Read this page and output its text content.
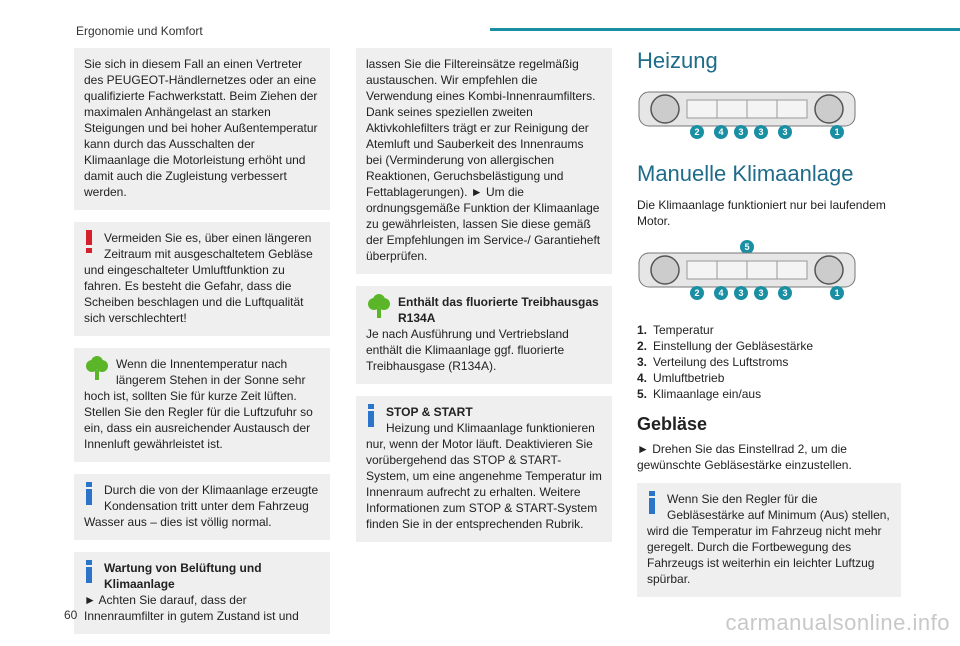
Ergonomie und Komfort

Sie sich in diesem Fall an einen Vertreter des PEUGEOT-Händlernetzes oder an eine qualifizierte Fachwerkstatt. Beim Ziehen der maximalen Anhängelast an starken Steigungen und bei hoher Außentemperatur kann durch das Ausschalten der Klimaanlage die Motorleistung erhöht und damit auch die Zugleistung verbessert werden.

Vermeiden Sie es, über einen längeren Zeitraum mit ausgeschaltetem Gebläse und eingeschalteter Umluftfunktion zu fahren. Es besteht die Gefahr, dass die Scheiben beschlagen und die Luftqualität sich verschlechtert!

Wenn die Innentemperatur nach längerem Stehen in der Sonne sehr hoch ist, sollten Sie für kurze Zeit lüften. Stellen Sie den Regler für die Luftzufuhr so ein, dass ein ausreichender Austausch der Innenluft gewährleistet ist.

Durch die von der Klimaanlage erzeugte Kondensation tritt unter dem Fahrzeug Wasser aus – dies ist völlig normal.

Wartung von Belüftung und Klimaanlage

► Achten Sie darauf, dass der Innenraumfilter in gutem Zustand ist und

lassen Sie die Filtereinsätze regelmäßig austauschen. Wir empfehlen die Verwendung eines Kombi-Innenraumfilters. Dank seines speziellen zweiten Aktivkohlefilters trägt er zur Reinigung der Atemluft und Sauberkeit des Innenraums bei (Verminderung von allergischen Reaktionen, Geruchsbelästigung und Fettablagerungen). ► Um die ordnungsgemäße Funktion der Klimaanlage zu gewährleisten, lassen Sie diese gemäß der Empfehlungen im Service-/ Garantieheft überprüfen.

Enthält das fluorierte Treibhausgas R134A

Je nach Ausführung und Vertriebsland enthält die Klimaanlage ggf. fluorierte Treibhausgase (R134A).

STOP & START

Heizung und Klimaanlage funktionieren nur, wenn der Motor läuft. Deaktivieren Sie vorübergehend das STOP & START-System, um eine angenehme Temperatur im Innenraum aufrecht zu erhalten. Weitere Informationen zum STOP & START-System finden Sie in der entsprechenden Rubrik.

Heizung
2 4 3 3 3	1
Manuelle Klimaanlage

Die Klimaanlage funktioniert nur bei laufendem Motor.

5
2 4 3 3 3	1
1. Temperatur
2. Einstellung der Gebläsestärke
3. Verteilung des Luftstroms
4. Umluftbetrieb
5. Klimaanlage ein/aus
Gebläse

► Drehen Sie das Einstellrad 2, um die gewünschte Gebläsestärke einzustellen.

Wenn Sie den Regler für die Gebläsestärke auf Minimum (Aus) stellen, wird die Temperatur im Fahrzeug nicht mehr geregelt. Durch die Fortbewegung des Fahrzeugs ist weiterhin ein leichter Luftzug spürbar.

60	carmanualsonline.info
